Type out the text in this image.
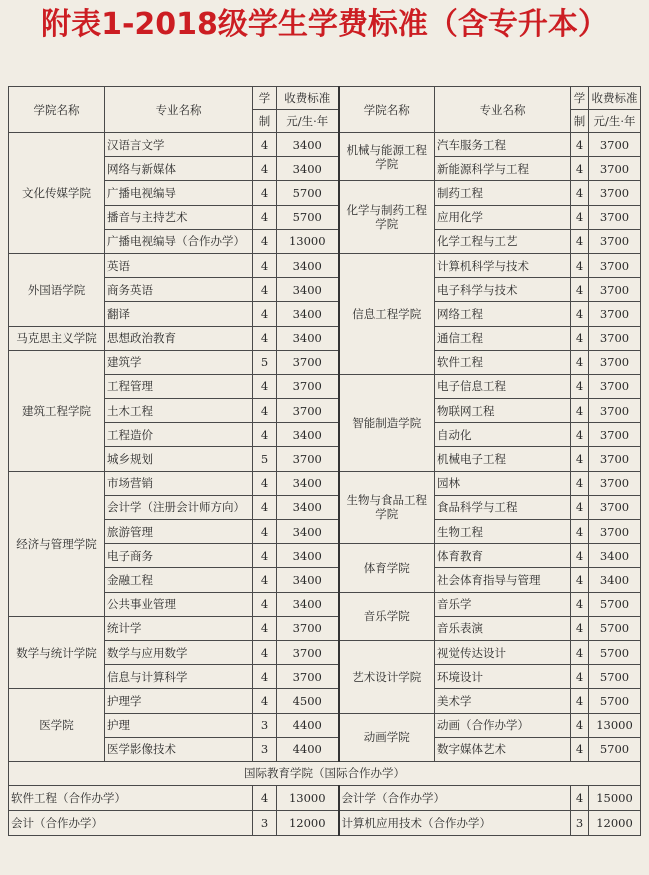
附表1-2018级学生学费标准（含专升本）
学院名称	专业名称	学	收费标准	学院名称	专业名称	学	收费标准
		制	元/生·年			制	元/生·年
文化传媒学院	汉语言文学	4	3400	机械与能源工程学院	汽车服务工程	4	3700
	网络与新媒体	4	3400		新能源科学与工程	4	3700
	广播电视编导	4	5700	化学与制药工程学院	制药工程	4	3700
	播音与主持艺术	4	5700		应用化学	4	3700
	广播电视编导（合作办学）	4	13000		化学工程与工艺	4	3700
外国语学院	英语	4	3400	信息工程学院	计算机科学与技术	4	3700
	商务英语	4	3400		电子科学与技术	4	3700
	翻译	4	3400		网络工程	4	3700
马克思主义学院	思想政治教育	4	3400		通信工程	4	3700
建筑工程学院	建筑学	5	3700		软件工程	4	3700
	工程管理	4	3700	智能制造学院	电子信息工程	4	3700
	土木工程	4	3700		物联网工程	4	3700
	工程造价	4	3400		自动化	4	3700
	城乡规划	5	3700		机械电子工程	4	3700
经济与管理学院	市场营销	4	3400	生物与食品工程学院	园林	4	3700
	会计学（注册会计师方向）	4	3400		食品科学与工程	4	3700
	旅游管理	4	3400		生物工程	4	3700
	电子商务	4	3400	体育学院	体育教育	4	3400
	金融工程	4	3400		社会体育指导与管理	4	3400
	公共事业管理	4	3400	音乐学院	音乐学	4	5700
数学与统计学院	统计学	4	3700		音乐表演	4	5700
	数学与应用数学	4	3700	艺术设计学院	视觉传达设计	4	5700
	信息与计算科学	4	3700		环境设计	4	5700
医学院	护理学	4	4500		美术学	4	5700
	护理	3	4400	动画学院	动画（合作办学）	4	13000
	医学影像技术	3	4400		数字媒体艺术	4	5700
国际教育学院（国际合作办学）							
软件工程（合作办学）		4	13000	会计学（合作办学）		4	15000
会计（合作办学）		3	12000	计算机应用技术（合作办学）		3	12000
